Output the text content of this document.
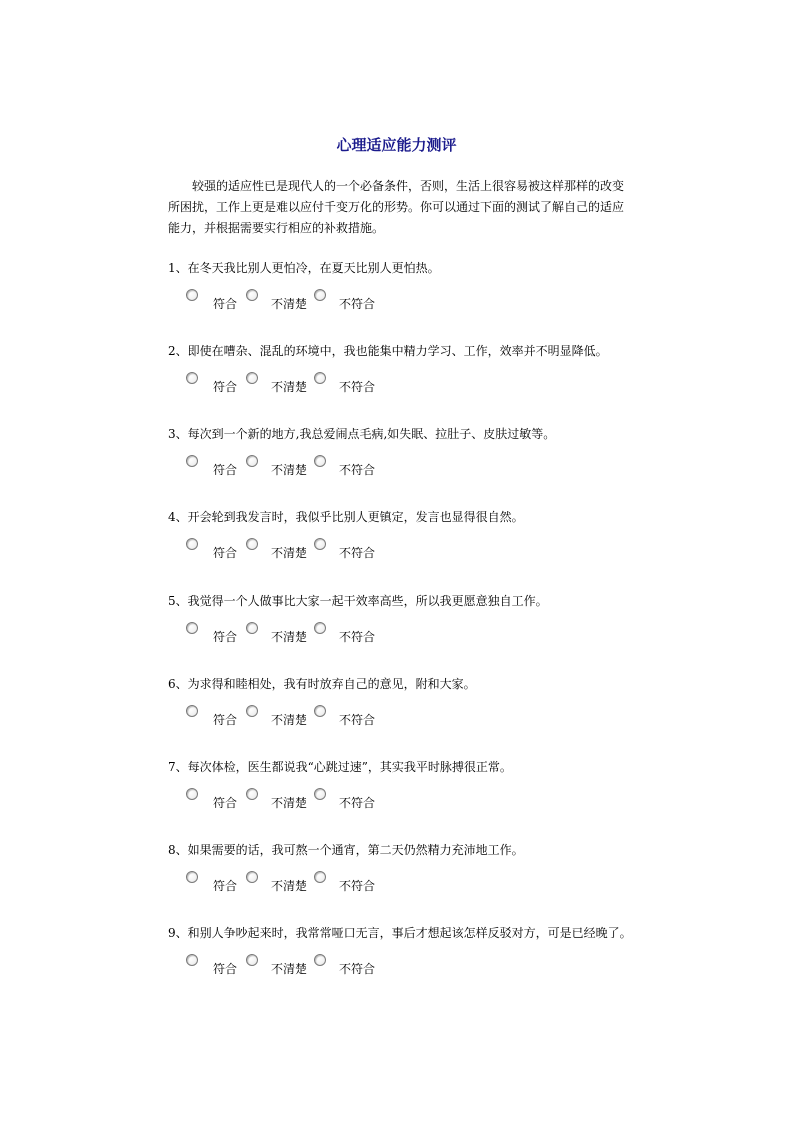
心理适应能力测评
较强的适应性已是现代人的一个必备条件，否则，生活上很容易被这样那样的改变所困扰，工作上更是难以应付千变万化的形势。你可以通过下面的测试了解自己的适应能力，并根据需要实行相应的补救措施。
1、在冬天我比别人更怕冷，在夏天比别人更怕热。
符合	不清楚	不符合
2、即使在嘈杂、混乱的环境中，我也能集中精力学习、工作，效率并不明显降低。
符合	不清楚	不符合
3、每次到一个新的地方,我总爱闹点毛病,如失眠、拉肚子、皮肤过敏等。
符合	不清楚	不符合
4、开会轮到我发言时，我似乎比别人更镇定，发言也显得很自然。
符合	不清楚	不符合
5、我觉得一个人做事比大家一起干效率高些，所以我更愿意独自工作。
符合	不清楚	不符合
6、为求得和睦相处，我有时放弃自己的意见，附和大家。
符合	不清楚	不符合
7、每次体检，医生都说我“心跳过速”，其实我平时脉搏很正常。
符合	不清楚	不符合
8、如果需要的话，我可熬一个通宵，第二天仍然精力充沛地工作。
符合	不清楚	不符合
9、和别人争吵起来时，我常常哑口无言，事后才想起该怎样反驳对方，可是已经晚了。
符合	不清楚	不符合
